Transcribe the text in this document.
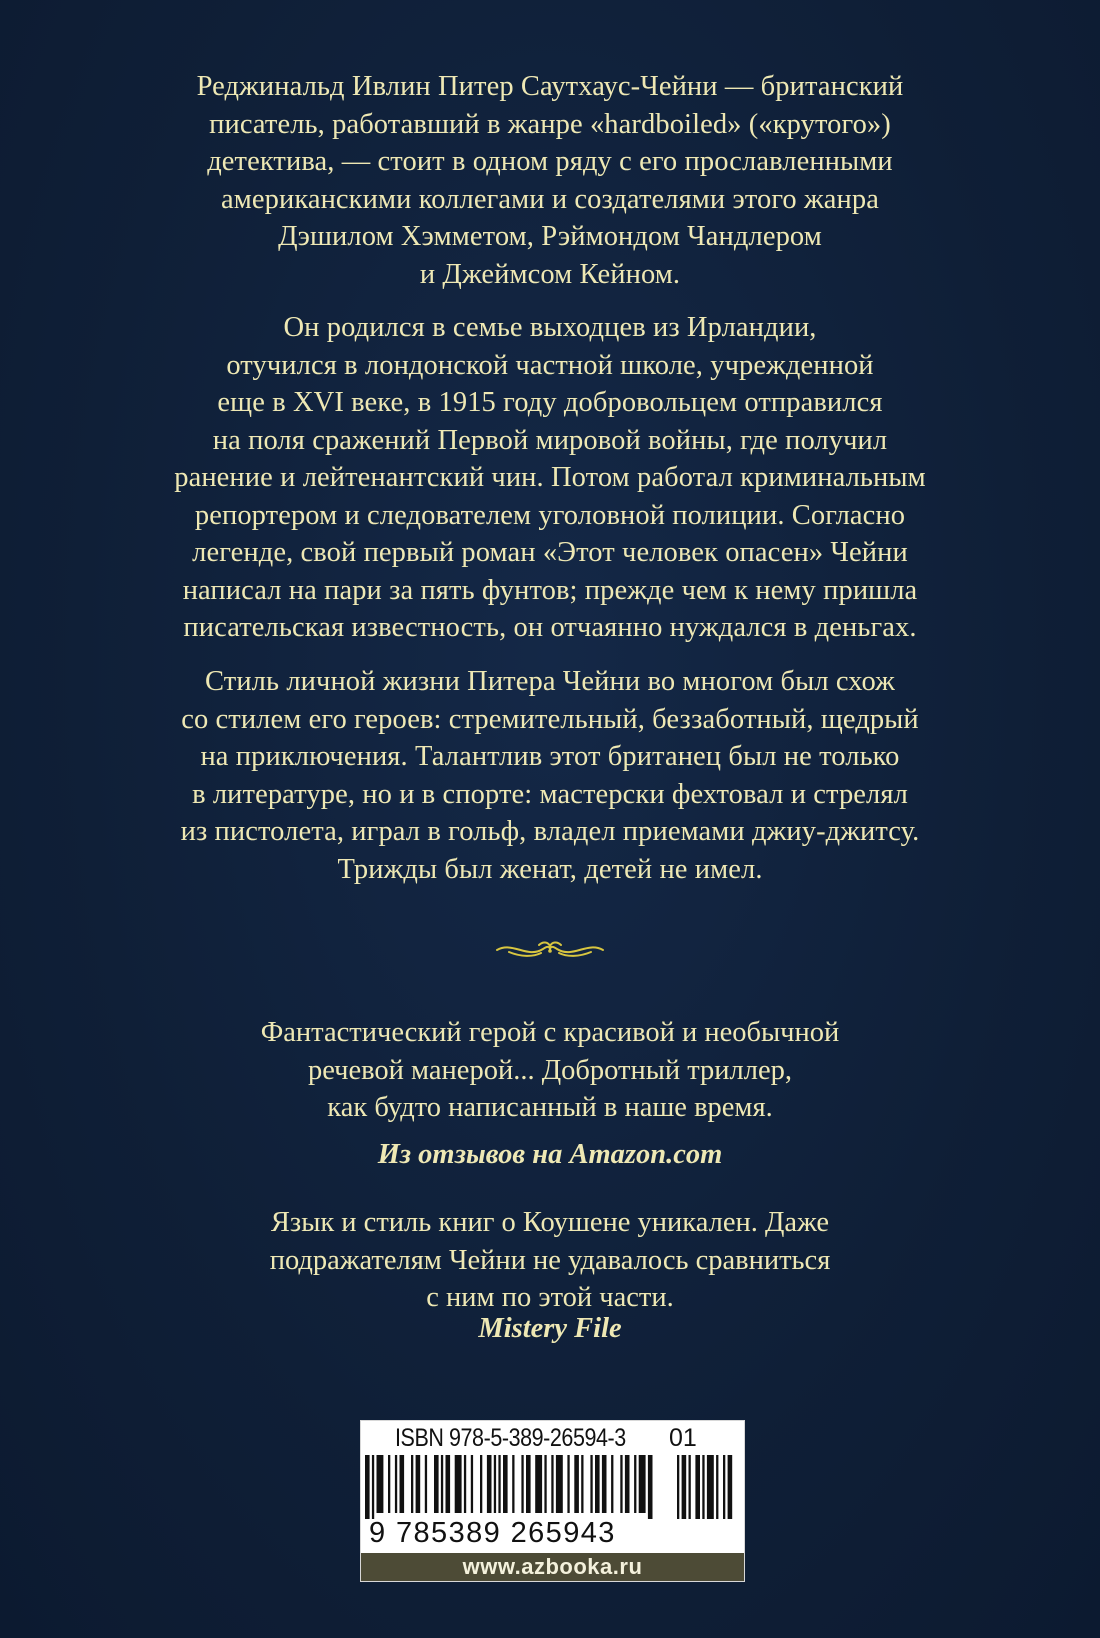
Реджинальд Ивлин Питер Саутхаус-Чейни — британский
писатель, работавший в жанре «hardboiled» («крутого»)
детектива, — стоит в одном ряду с его прославленными
американскими коллегами и создателями этого жанра
Дэшилом Хэмметом, Рэймондом Чандлером
и Джеймсом Кейном.
Он родился в семье выходцев из Ирландии,
отучился в лондонской частной школе, учрежденной
еще в XVI веке, в 1915 году добровольцем отправился
на поля сражений Первой мировой войны, где получил
ранение и лейтенантский чин. Потом работал криминальным
репортером и следователем уголовной полиции. Согласно
легенде, свой первый роман «Этот человек опасен» Чейни
написал на пари за пять фунтов; прежде чем к нему пришла
писательская известность, он отчаянно нуждался в деньгах.
Стиль личной жизни Питера Чейни во многом был схож
со стилем его героев: стремительный, беззаботный, щедрый
на приключения. Талантлив этот британец был не только
в литературе, но и в спорте: мастерски фехтовал и стрелял
из пистолета, играл в гольф, владел приемами джиу-джитсу.
Трижды был женат, детей не имел.
Фантастический герой с красивой и необычной
речевой манерой... Добротный триллер,
как будто написанный в наше время.
Из отзывов на Amazon.com
Язык и стиль книг о Коушене уникален. Даже
подражателям Чейни не удавалось сравниться
с ним по этой части.
Mistery File
ISBN 978-5-389-26594-3 01
9 785389 265943
www.azbooka.ru
